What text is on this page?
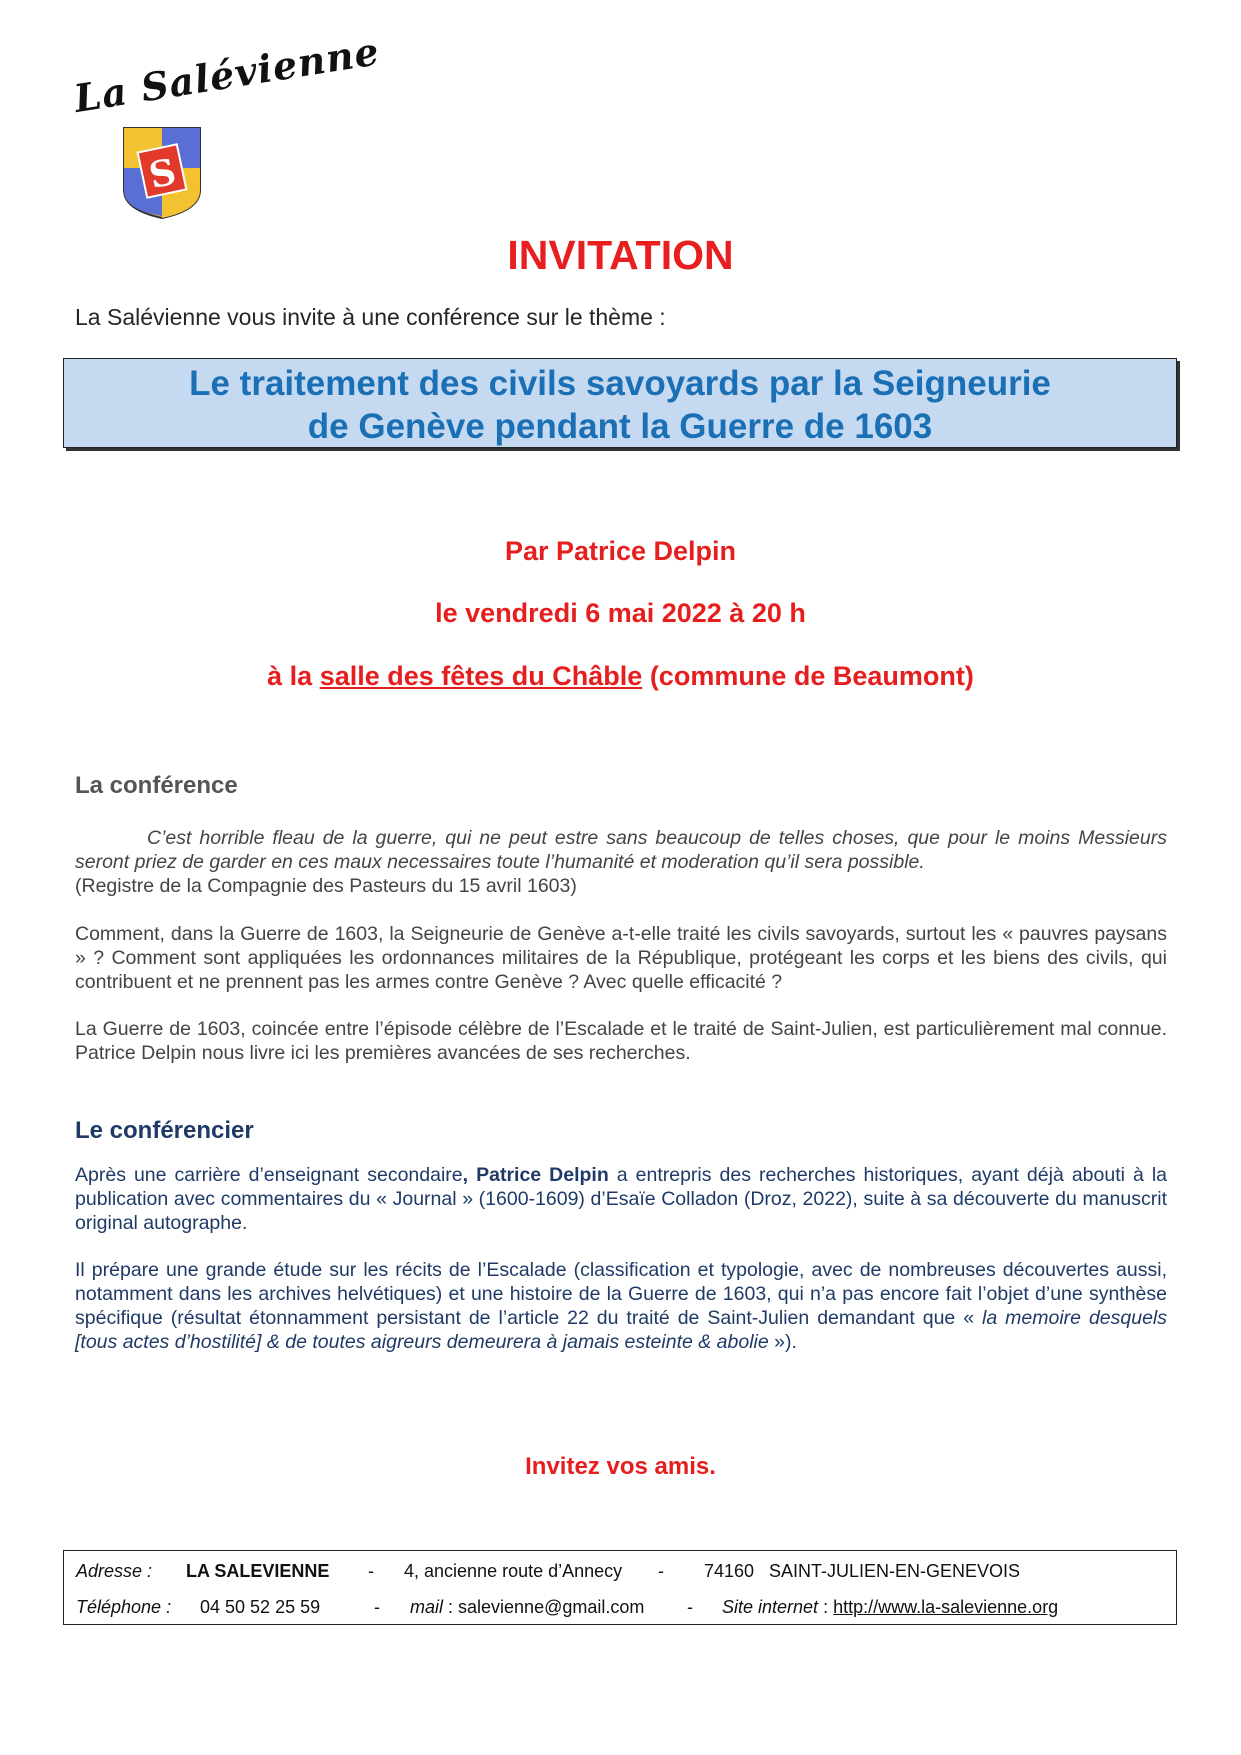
S
La Salévienne
INVITATION
La Salévienne vous invite à une conférence sur le thème :
Le traitement des civils savoyards par la Seigneurie
de Genève pendant la Guerre de 1603
Par Patrice Delpin
le vendredi 6 mai 2022 à 20 h
à la salle des fêtes du Châble (commune de Beaumont)
La conférence
C’est horrible fleau de la guerre, qui ne peut estre sans beaucoup de telles choses, que pour le moins Messieurs seront priez de garder en ces maux necessaires toute l’humanité et moderation qu’il sera possible.
(Registre de la Compagnie des Pasteurs du 15 avril 1603)
Comment, dans la Guerre de 1603, la Seigneurie de Genève a-t-elle traité les civils savoyards, surtout les « pauvres paysans » ? Comment sont appliquées les ordonnances militaires de la République, protégeant les corps et les biens des civils, qui contribuent et ne prennent pas les armes contre Genève ? Avec quelle efficacité ?
La Guerre de 1603, coincée entre l’épisode célèbre de l’Escalade et le traité de Saint-Julien, est particulièrement mal connue. Patrice Delpin nous livre ici les premières avancées de ses recherches.
Le conférencier
Après une carrière d’enseignant secondaire, Patrice Delpin a entrepris des recherches historiques, ayant déjà abouti à la publication avec commentaires du « Journal » (1600-1609) d’Esaïe Colladon (Droz, 2022), suite à sa découverte du manuscrit original autographe.
Il prépare une grande étude sur les récits de l’Escalade (classification et typologie, avec de nombreuses découvertes aussi, notamment dans les archives helvétiques) et une histoire de la Guerre de 1603, qui n’a pas encore fait l’objet d’une synthèse spécifique (résultat étonnamment persistant de l’article 22 du traité de Saint-Julien demandant que « la memoire desquels [tous actes d’hostilité] & de toutes aigreurs demeurera à jamais esteinte & abolie »).
Invitez vos amis.
Adresse : LA SALEVIENNE - 4, ancienne route d’Annecy - 74160 SAINT-JULIEN-EN-GENEVOIS
Téléphone : 04 50 52 25 59	- mail : salevienne@gmail.com - Site internet : http://www.la-salevienne.org
